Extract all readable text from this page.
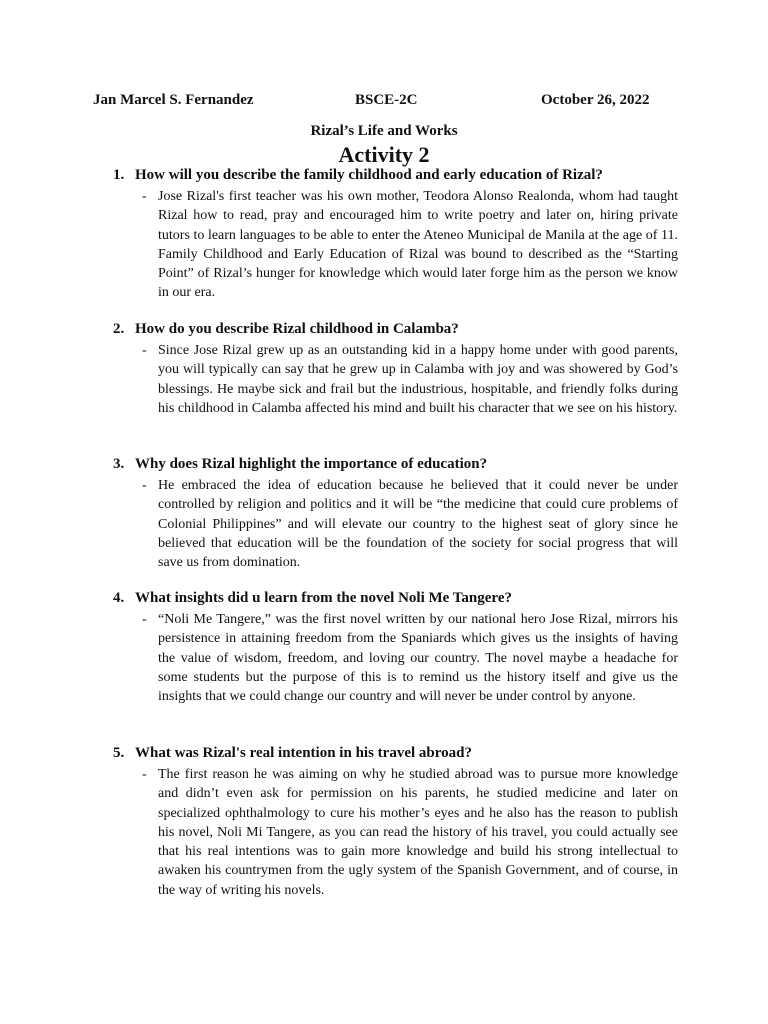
Jan Marcel S. Fernandez	BSCE-2C	October 26, 2022
Rizal’s Life and Works
Activity 2
1. How will you describe the family childhood and early education of Rizal?
- Jose Rizal's first teacher was his own mother, Teodora Alonso Realonda, whom had taught Rizal how to read, pray and encouraged him to write poetry and later on, hiring private tutors to learn languages to be able to enter the Ateneo Municipal de Manila at the age of 11. Family Childhood and Early Education of Rizal was bound to described as the “Starting Point” of Rizal’s hunger for knowledge which would later forge him as the person we know in our era.
2. How do you describe Rizal childhood in Calamba?
- Since Jose Rizal grew up as an outstanding kid in a happy home under with good parents, you will typically can say that he grew up in Calamba with joy and was showered by God’s blessings. He maybe sick and frail but the industrious, hospitable, and friendly folks during his childhood in Calamba affected his mind and built his character that we see on his history.
3. Why does Rizal highlight the importance of education?
- He embraced the idea of education because he believed that it could never be under controlled by religion and politics and it will be “the medicine that could cure problems of Colonial Philippines” and will elevate our country to the highest seat of glory since he believed that education will be the foundation of the society for social progress that will save us from domination.
4. What insights did u learn from the novel Noli Me Tangere?
- “Noli Me Tangere,” was the first novel written by our national hero Jose Rizal, mirrors his persistence in attaining freedom from the Spaniards which gives us the insights of having the value of wisdom, freedom, and loving our country. The novel maybe a headache for some students but the purpose of this is to remind us the history itself and give us the insights that we could change our country and will never be under control by anyone.
5. What was Rizal's real intention in his travel abroad?
- The first reason he was aiming on why he studied abroad was to pursue more knowledge and didn’t even ask for permission on his parents, he studied medicine and later on specialized ophthalmology to cure his mother’s eyes and he also has the reason to publish his novel, Noli Mi Tangere, as you can read the history of his travel, you could actually see that his real intentions was to gain more knowledge and build his strong intellectual to awaken his countrymen from the ugly system of the Spanish Government, and of course, in the way of writing his novels.
